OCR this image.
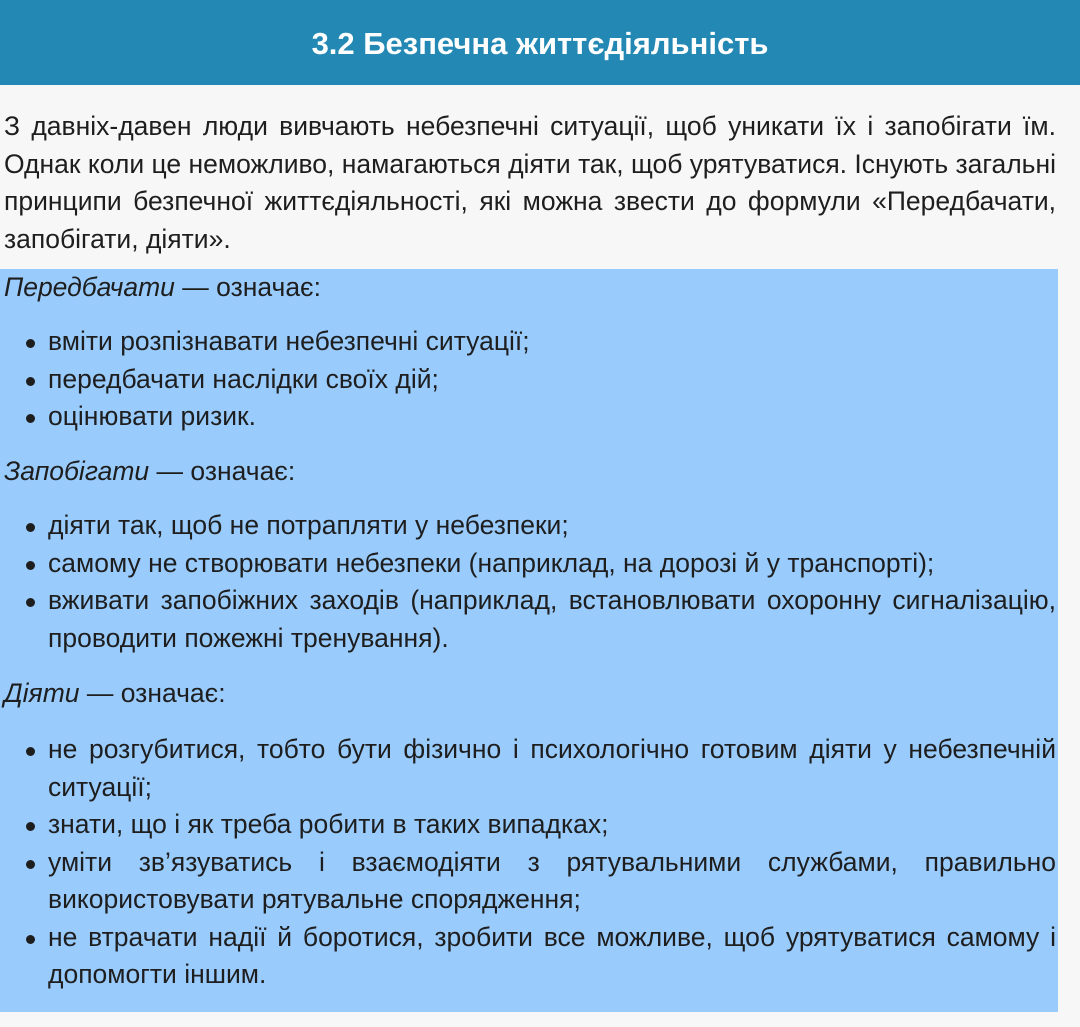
3.2 Безпечна життєдіяльність

З давніх-давен люди вивчають небезпечні ситуації, щоб уникати їх і запобігати їм. Однак коли це неможливо, намагаються діяти так, щоб урятуватися. Існують загальні принципи безпечної життєдіяльності, які можна звести до формули «Передбачати, запобігати, діяти».

Передбачати — означає:

вміти розпізнавати небезпечні ситуації;
передбачати наслідки своїх дій;
оцінювати ризик.

Запобігати — означає:

діяти так, щоб не потрапляти у небезпеки;
самому не створювати небезпеки (наприклад, на дорозі й у транспорті);
вживати запобіжних заходів (наприклад, встановлювати охоронну сигналізацію, проводити пожежні тренування).

Діяти — означає:

не розгубитися, тобто бути фізично і психологічно готовим діяти у небезпечній ситуації;
знати, що і як треба робити в таких випадках;
уміти зв’язуватись і взаємодіяти з рятувальними службами, правильно використовувати рятувальне спорядження;
не втрачати надії й боротися, зробити все можливе, щоб урятуватися самому і допомогти іншим.
